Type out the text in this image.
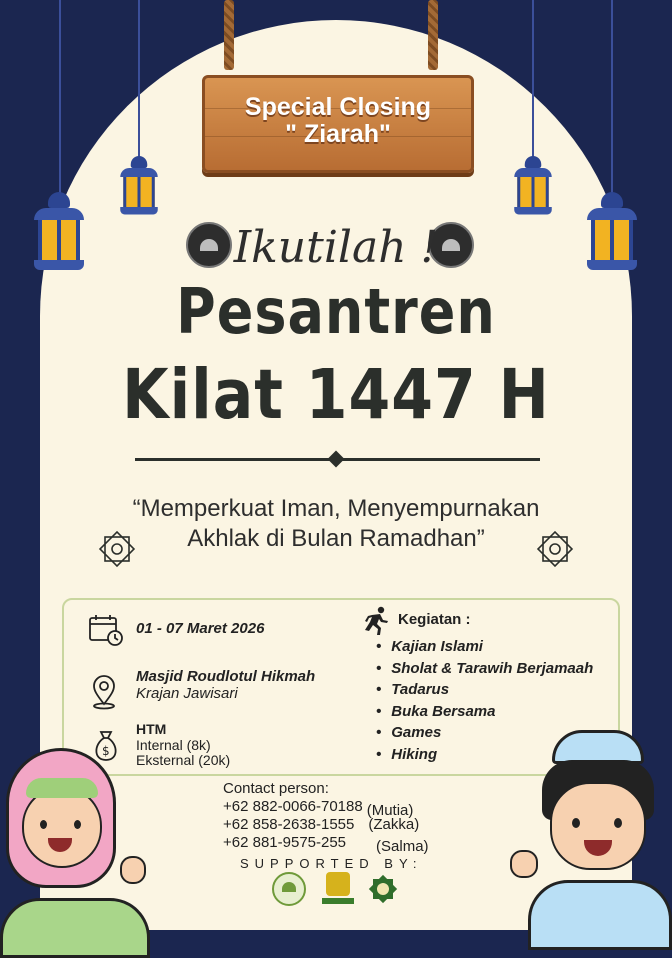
Special Closing
" Ziarah"
Ikutilah !
Pesantren
Kilat 1447 H
“Memperkuat Iman, Menyempurnakan
Akhlak di Bulan Ramadhan”
01 - 07 Maret 2026
Masjid Roudlotul Hikmah
Krajan Jawisari
$
HTM
Internal (8k)
Eksternal (20k)
Kegiatan :
• Kajian Islami
• Sholat & Tarawih Berjamaah
• Tadarus
• Buka Bersama
• Games
• Hiking
Contact person:
+62 882-0066-70188 (Mutia)
+62 858-2638-1555 (Zakka)
+62 881-9575-255 (Salma)
SUPPORTED BY:
